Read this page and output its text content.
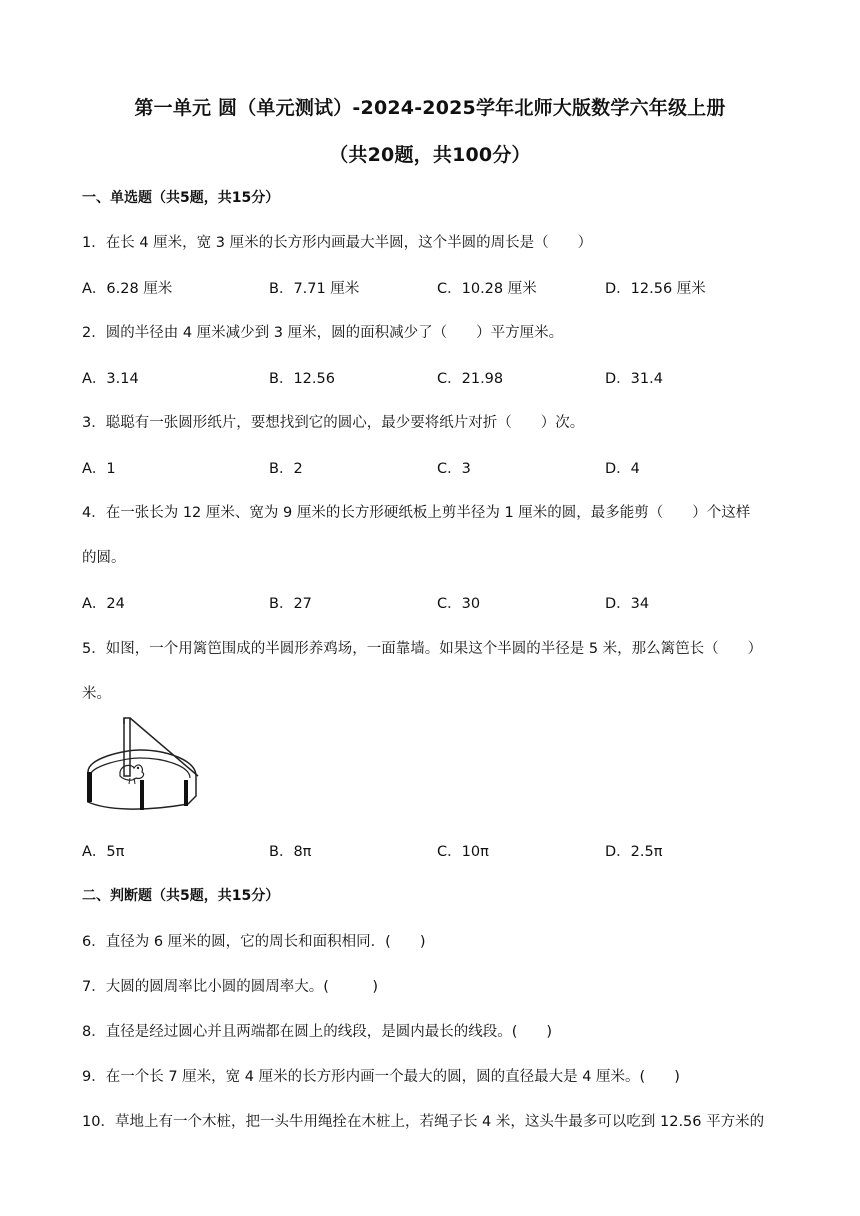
第一单元 圆（单元测试）-2024-2025学年北师大版数学六年级上册
（共20题，共100分）
一、单选题（共5题，共15分）
1．在长 4 厘米，宽 3 厘米的长方形内画最大半圆，这个半圆的周长是（　　）
A．6.28 厘米	B．7.71 厘米	C．10.28 厘米	D．12.56 厘米
2．圆的半径由 4 厘米减少到 3 厘米，圆的面积减少了（　　）平方厘米。
A．3.14	B．12.56	C．21.98	D．31.4
3．聪聪有一张圆形纸片，要想找到它的圆心，最少要将纸片对折（　　）次。
A．1	B．2	C．3	D．4
4．在一张长为 12 厘米、宽为 9 厘米的长方形硬纸板上剪半径为 1 厘米的圆，最多能剪（　　）个这样
的圆。
A．24	B．27	C．30	D．34
5．如图，一个用篱笆围成的半圆形养鸡场，一面靠墙。如果这个半圆的半径是 5 米，那么篱笆长（　　）
米。
A．5π	B．8π	C．10π	D．2.5π
二、判断题（共5题，共15分）
6．直径为 6 厘米的圆，它的周长和面积相同．(　　)
7．大圆的圆周率比小圆的圆周率大。(　　　)
8．直径是经过圆心并且两端都在圆上的线段，是圆内最长的线段。(　　)
9．在一个长 7 厘米，宽 4 厘米的长方形内画一个最大的圆，圆的直径最大是 4 厘米。(　　)
10．草地上有一个木桩，把一头牛用绳拴在木桩上，若绳子长 4 米，这头牛最多可以吃到 12.56 平方米的
